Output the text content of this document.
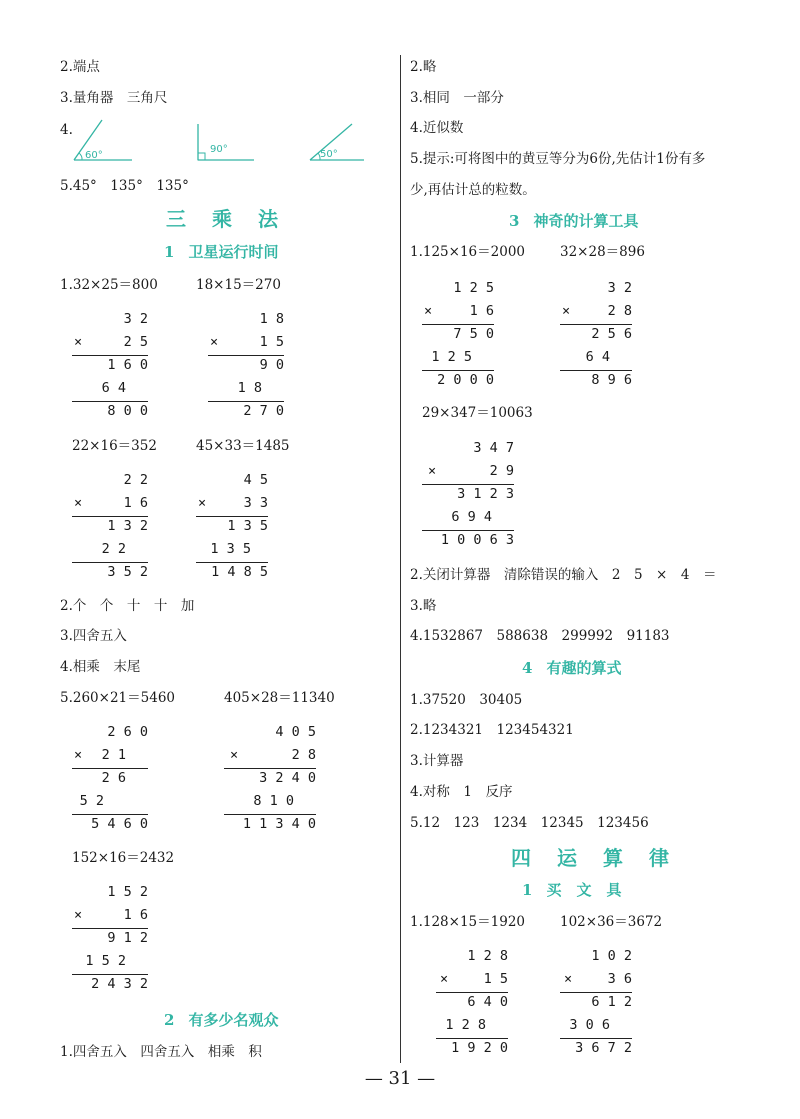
2.端点
3.量角器　三角尺
4.
60°
90°	50°
5.45°　135°　135°
三乘法
1 卫星运行时间
1.32×25＝800	18×15＝270
3 2
×	2 5
1 6 0
6 4
8 0 0
1 8
×	1 5
9 0
1 8
2 7 0
22×16＝352	45×33＝1485
2 2
×	1 6
1 3 2
2 2
3 5 2
4 5
×	3 3
1 3 5
1 3 5
1 4 8 5
2.个　个　十　十　加
3.四舍五入
4.相乘　末尾
5.260×21＝5460	405×28＝11340
2 6 0
× 2 1
2 6
5 2
5 4 6 0
4 0 5
×	2 8
3 2 4 0
8 1 0
1 1 3 4 0
152×16＝2432
1 5 2
×	1 6
9 1 2
1 5 2
2 4 3 2
2 有多少名观众
1.四舍五入　四舍五入　相乘　积
2.略
3.相同　一部分
4.近似数
5.提示:可将图中的黄豆等分为6份,先估计1份有多
少,再估计总的粒数。
3 神奇的计算工具
1.125×16＝2000	32×28＝896
1 2 5
×	1 6
7 5 0
1 2 5
2 0 0 0
3 2
×	2 8
2 5 6
6 4
8 9 6
29×347＝10063
3 4 7
×	2 9
3 1 2 3
6 9 4
1 0 0 6 3
2.关闭计算器　清除错误的输入　2　5　×　4　＝
3.略
4.1532867　588638　299992　91183
4 有趣的算式
1.37520　30405
2.1234321　123454321
3.计算器
4.对称　1　反序
5.12　123　1234　12345　123456
四运算律
1 买　文　具
1.128×15＝1920	102×36＝3672
1 2 8
×	1 5
6 4 0
1 2 8
1 9 2 0
1 0 2
×	3 6
6 1 2
3 0 6
3 6 7 2
— 31 —
